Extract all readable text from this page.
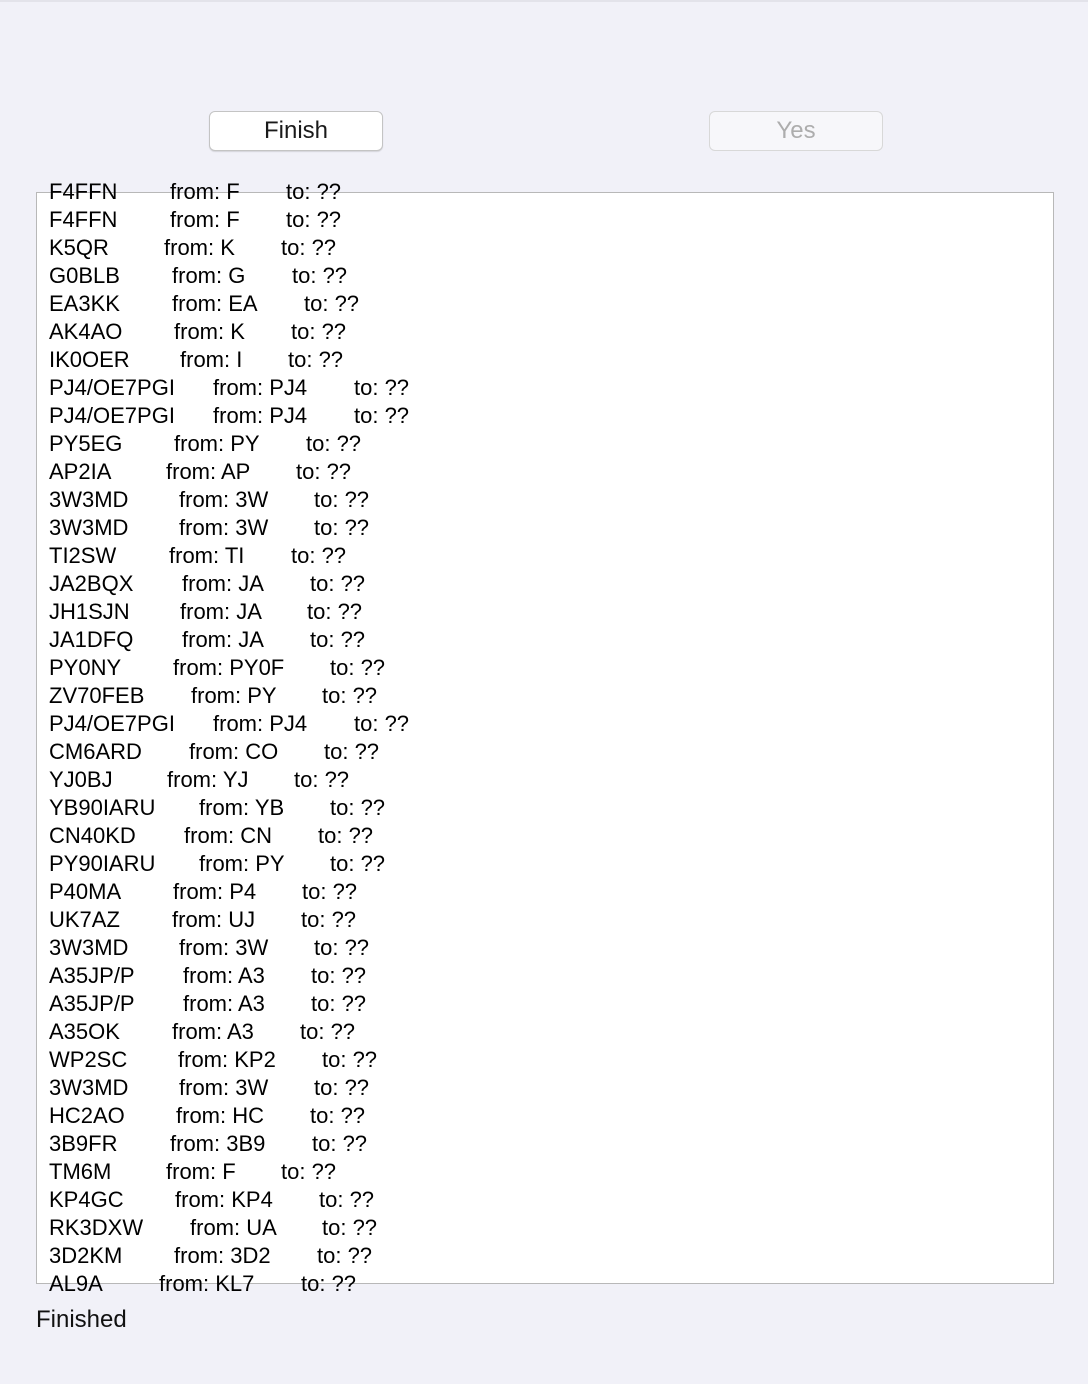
Finish	Yes
F4FFN from: F to: ??
F4FFN from: F to: ??
K5QR	from: K to: ??
G0BLB from: G to: ??
EA3KK from: EA to: ??
AK4AO from: K to: ??
IK0OER from: I to: ??
PJ4/OE7PGI from: PJ4 to: ??
PJ4/OE7PGI from: PJ4 to: ??
PY5EG from: PY to: ??
AP2IA from: AP to: ??
3W3MD from: 3W to: ??
3W3MD from: 3W to: ??
TI2SW from: TI to: ??
JA2BQX from: JA to: ??
JH1SJN from: JA to: ??
JA1DFQ from: JA to: ??
PY0NY from: PY0F to: ??
ZV70FEB from: PY to: ??
PJ4/OE7PGI from: PJ4 to: ??
CM6ARD from: CO to: ??
YJ0BJ from: YJ to: ??
YB90IARU from: YB to: ??
CN40KD from: CN to: ??
PY90IARU from: PY to: ??
P40MA from: P4 to: ??
UK7AZ from: UJ to: ??
3W3MD from: 3W to: ??
A35JP/P from: A3 to: ??
A35JP/P from: A3 to: ??
A35OK from: A3 to: ??
WP2SC from: KP2 to: ??
3W3MD from: 3W to: ??
HC2AO from: HC to: ??
3B9FR from: 3B9 to: ??
TM6M from: F to: ??
KP4GC from: KP4 to: ??
RK3DXW from: UA to: ??
3D2KM from: 3D2 to: ??
AL9A	from: KL7 to: ??
Finished
